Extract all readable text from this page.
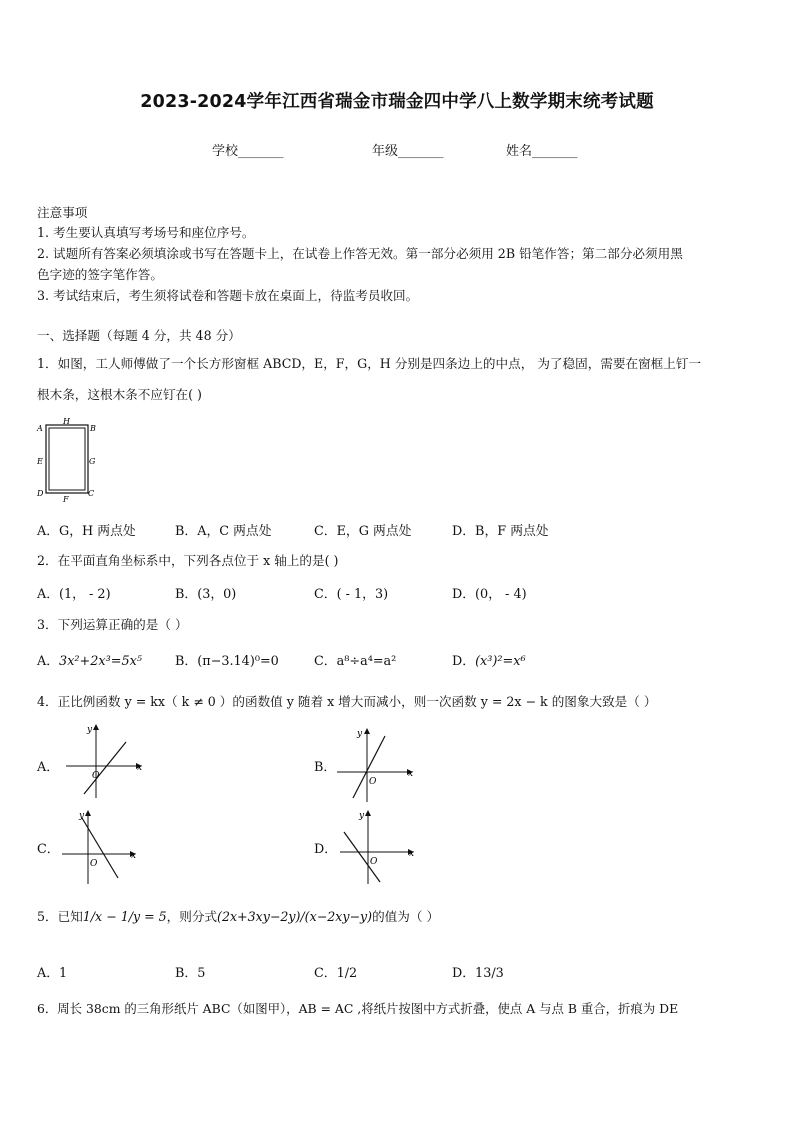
2023-2024学年江西省瑞金市瑞金四中学八上数学期末统考试题
学校_______	年级_______	姓名_______
注意事项
1. 考生要认真填写考场号和座位序号。
2. 试题所有答案必须填涂或书写在答题卡上，在试卷上作答无效。第一部分必须用 2B 铅笔作答；第二部分必须用黑
色字迹的签字笔作答。
3. 考试结束后，考生须将试卷和答题卡放在桌面上，待监考员收回。
一、选择题（每题 4 分，共 48 分）
1．如图，工人师傅做了一个长方形窗框 ABCD，E，F，G，H 分别是四条边上的中点， 为了稳固，需要在窗框上钉一
根木条，这根木条不应钉在( )
A	B
H
E	G
D	C
F
A．G，H 两点处	B．A，C 两点处	C．E，G 两点处	D．B，F 两点处
2．在平面直角坐标系中，下列各点位于 x 轴上的是( )
A．(1， - 2)	B．(3，0)	C．( - 1，3)	D．(0， - 4)
3．下列运算正确的是（ ）
A．3x²+2x³=5x⁵	B．(π−3.14)⁰=0	C．a⁸÷a⁴=a²	D．(x³)²=x⁶
4．正比例函数 y = kx（ k ≠ 0 ）的函数值 y 随着 x 增大而减小，则一次函数 y = 2x − k 的图象大致是（ ）
A．	x
y
O
B．	x
y
O
C．	x
y
O
D．	x
y
O
5．已知1/x − 1/y = 5，则分式(2x+3xy−2y)/(x−2xy−y)的值为（ ）
A．1	B．5	C．1/2	D．13/3
6．周长 38cm 的三角形纸片 ABC（如图甲），AB = AC ,将纸片按图中方式折叠，使点 A 与点 B 重合，折痕为 DE
